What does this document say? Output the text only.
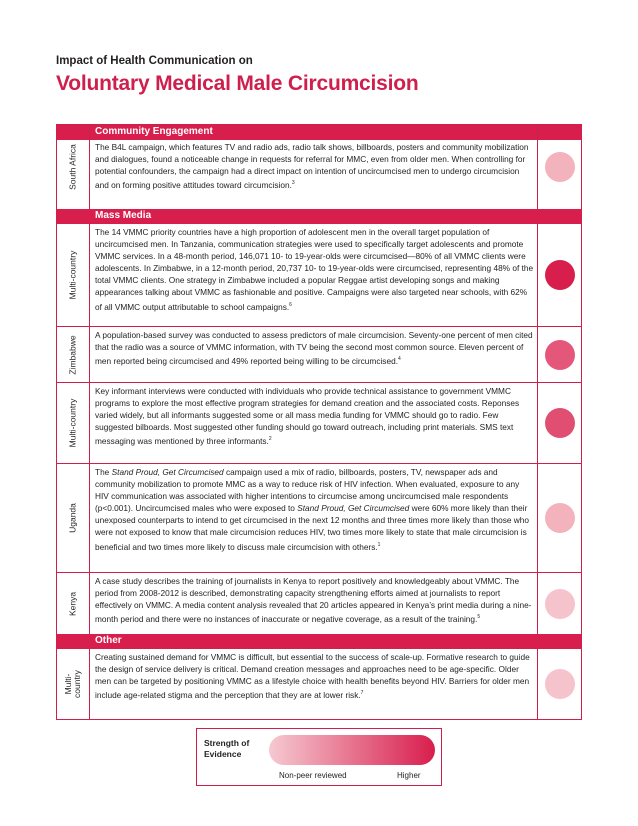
Impact of Health Communication on
Voluntary Medical Male Circumcision
Community Engagement
South Africa The B4L campaign, which features TV and radio ads, radio talk shows, billboards, posters and community mobilization and dialogues, found a noticeable change in requests for referral for MMC, even from older men. When controlling for potential confounders, the campaign had a direct impact on intention of uncircumcised men to undergo circumcision and on forming positive attitudes toward circumcision.$^3$
Mass Media
Multi-country
The 14 VMMC priority countries have a high proportion of adolescent men in the overall target population of uncircumcised men. In Tanzania, communication strategies were used to specifically target adolescents and promote VMMC services. In a 48-month period, 146,071 10- to 19-year-olds were circumcised—80% of all VMMC clients were adolescents. In Zimbabwe, in a 12-month period, 20,737 10- to 19-year-olds were circumcised, representing 48% of the total VMMC clients. One strategy in Zimbabwe included a popular Reggae artist developing songs and making appearances talking about VMMC as fashionable and positive. Campaigns were also targeted near schools, with 62% of all VMMC output attributable to school campaigns.$^6$
Zimbabwe A population-based survey was conducted to assess predictors of male circumcision. Seventy-one percent of men cited that the radio was a source of VMMC information, with TV being the second most common source. Eleven percent of men reported being circumcised and 49% reported being willing to be circumcised.$^4$
Multi-country
Key informant interviews were conducted with individuals who provide technical assistance to government VMMC programs to explore the most effective program strategies for demand creation and the associated costs. Reponses varied widely, but all informants suggested some or all mass media funding for VMMC should go to radio. Few suggested bilboards. Most suggested other funding should go toward outreach, including print materials. SMS text messaging was mentioned by three informants.$^2$
Uganda
The Stand Proud, Get Circumcised campaign used a mix of radio, billboards, posters, TV, newspaper ads and community mobilization to promote MMC as a way to reduce risk of HIV infection. When evaluated, exposure to any HIV communication was associated with higher intentions to circumcise among uncircumcised male respondents (p<0.001). Uncircumcised males who were exposed to Stand Proud, Get Circumcised were 60% more likely than their unexposed counterparts to intend to get circumcised in the next 12 months and three times more likely than those who were not exposed to know that male circumcision reduces HIV, two times more likely to state that male circumcision is beneficial and two times more likely to discuss male circumcision with others.$^1$
Kenya
A case study describes the training of journalists in Kenya to report positively and knowledgeably about VMMC. The period from 2008-2012 is described, demonstrating capacity strengthening efforts aimed at journalists to report effectively on VMMC. A media content analysis revealed that 20 articles appeared in Kenya’s print media during a nine-month period and there were no instances of inaccurate or negative coverage, as a result of the training.$^5$
Other
Multi-
country
Creating sustained demand for VMMC is difficult, but essential to the success of scale-up. Formative research to guide the design of service delivery is critical. Demand creation messages and approaches need to be age-specific. Older men can be targeted by positioning VMMC as a lifestyle choice with health benefits beyond HIV. Barriers for older men include age-related stigma and the perception that they are at lower risk.$^7$
Strength of
Evidence
Non-peer reviewed	Higher
